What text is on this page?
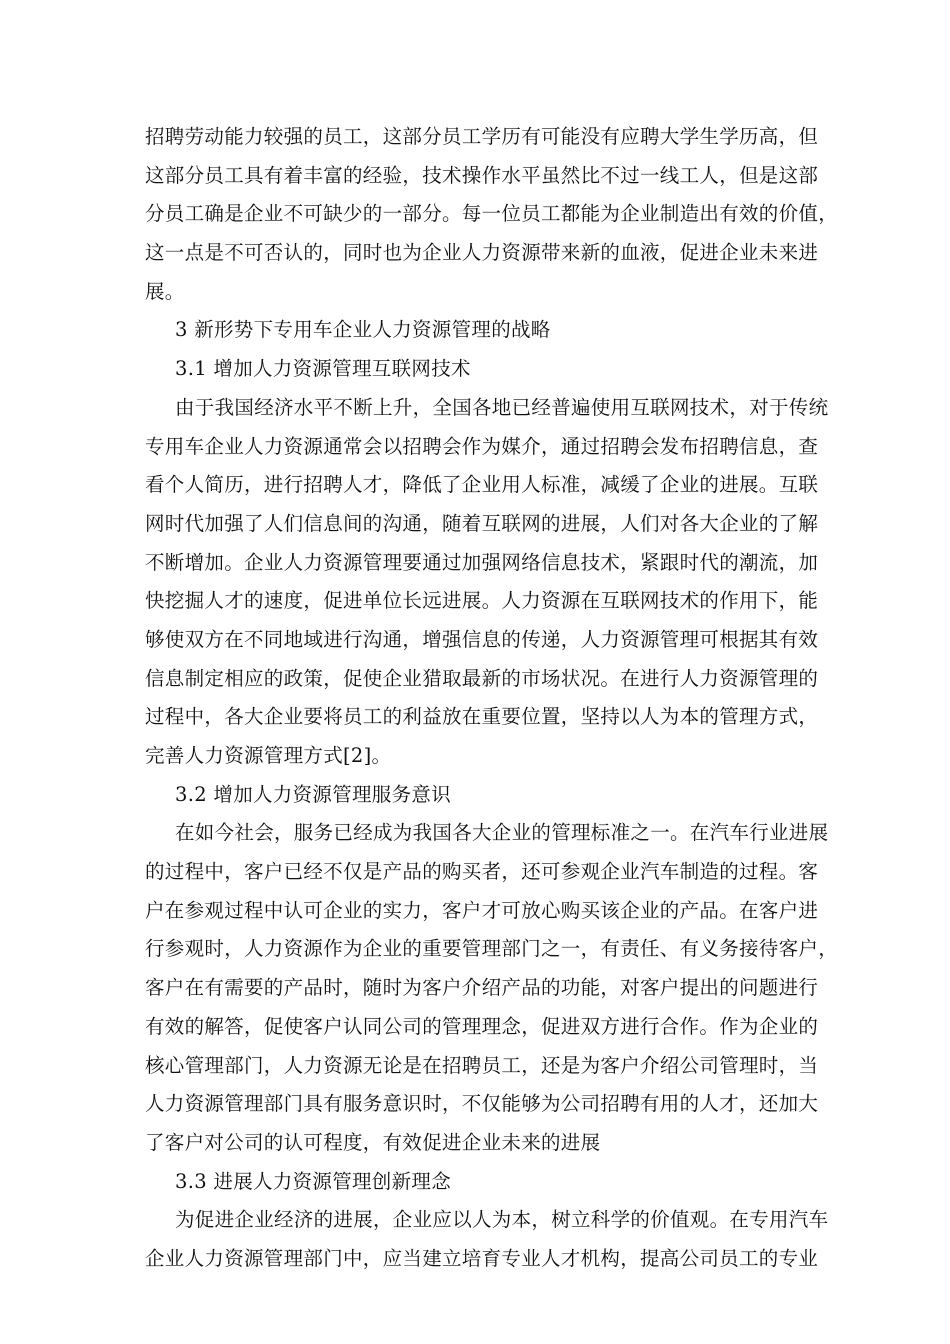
招聘劳动能力较强的员工，这部分员工学历有可能没有应聘大学生学历高，但
这部分员工具有着丰富的经验，技术操作水平虽然比不过一线工人，但是这部
分员工确是企业不可缺少的一部分。每一位员工都能为企业制造出有效的价值，
这一点是不可否认的，同时也为企业人力资源带来新的血液，促进企业未来进
展。
3 新形势下专用车企业人力资源管理的战略
3.1 增加人力资源管理互联网技术
由于我国经济水平不断上升，全国各地已经普遍使用互联网技术，对于传统
专用车企业人力资源通常会以招聘会作为媒介，通过招聘会发布招聘信息，查
看个人简历，进行招聘人才，降低了企业用人标准，减缓了企业的进展。互联
网时代加强了人们信息间的沟通，随着互联网的进展，人们对各大企业的了解
不断增加。企业人力资源管理要通过加强网络信息技术，紧跟时代的潮流，加
快挖掘人才的速度，促进单位长远进展。人力资源在互联网技术的作用下，能
够使双方在不同地域进行沟通，增强信息的传递，人力资源管理可根据其有效
信息制定相应的政策，促使企业猎取最新的市场状况。在进行人力资源管理的
过程中，各大企业要将员工的利益放在重要位置，坚持以人为本的管理方式，
完善人力资源管理方式[2]。
3.2 增加人力资源管理服务意识
在如今社会，服务已经成为我国各大企业的管理标准之一。在汽车行业进展
的过程中，客户已经不仅是产品的购买者，还可参观企业汽车制造的过程。客
户在参观过程中认可企业的实力，客户才可放心购买该企业的产品。在客户进
行参观时，人力资源作为企业的重要管理部门之一，有责任、有义务接待客户，
客户在有需要的产品时，随时为客户介绍产品的功能，对客户提出的问题进行
有效的解答，促使客户认同公司的管理理念，促进双方进行合作。作为企业的
核心管理部门，人力资源无论是在招聘员工，还是为客户介绍公司管理时，当
人力资源管理部门具有服务意识时，不仅能够为公司招聘有用的人才，还加大
了客户对公司的认可程度，有效促进企业未来的进展
3.3 进展人力资源管理创新理念
为促进企业经济的进展，企业应以人为本，树立科学的价值观。在专用汽车
企业人力资源管理部门中，应当建立培育专业人才机构，提高公司员工的专业
